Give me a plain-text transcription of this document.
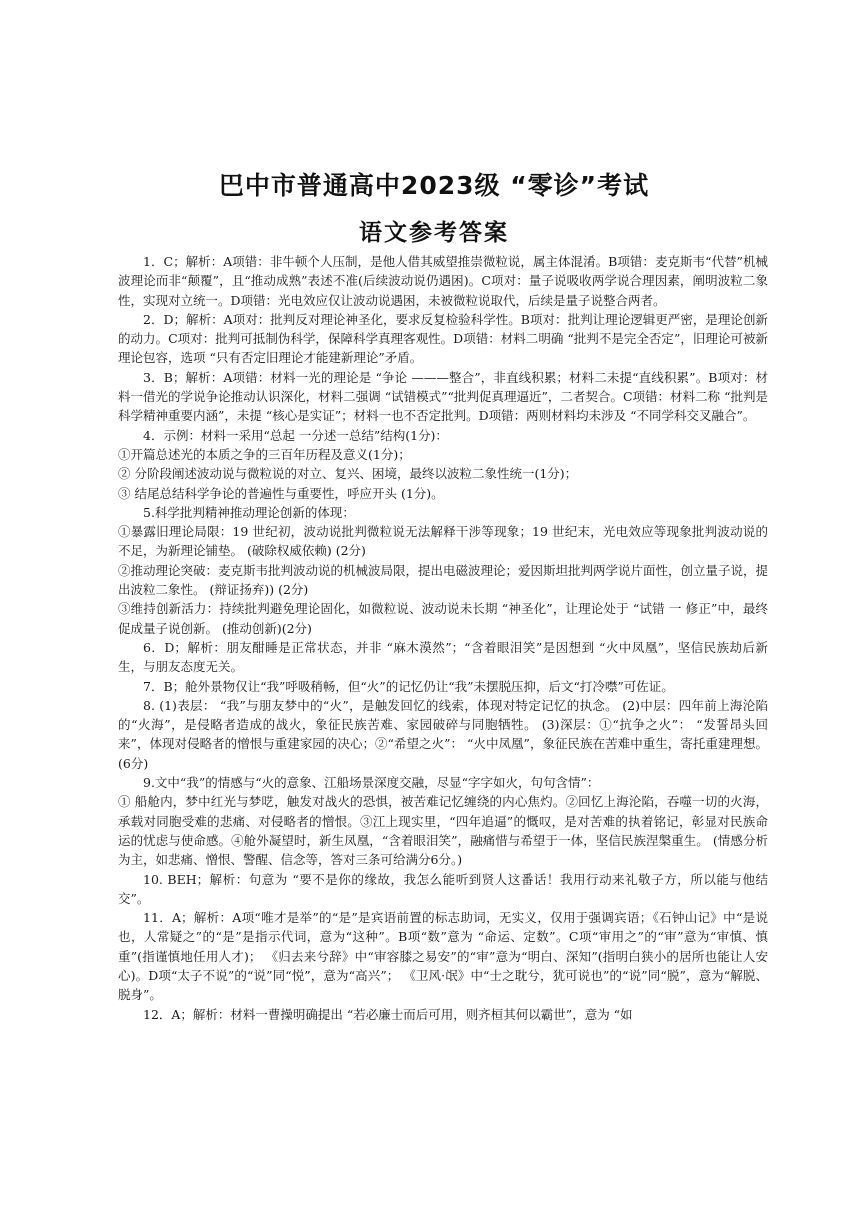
巴中市普通高中2023级 “零诊”考试
语文参考答案

1．C；解析：A项错：非牛顿个人压制，是他人借其威望推崇微粒说，属主体混淆。B项错：麦克斯韦“代替”机械波理论而非“颠覆”，且“推动成熟”表述不准(后续波动说仍遇困)。C项对：量子说吸收两学说合理因素，阐明波粒二象性，实现对立统一。D项错：光电效应仅让波动说遇困，未被微粒说取代，后续是量子说整合两者。

2．D；解析：A项对：批判反对理论神圣化，要求反复检验科学性。B项对：批判让理论逻辑更严密，是理论创新的动力。C项对：批判可抵制伪科学，保障科学真理客观性。D项错：材料二明确 “批判不是完全否定”，旧理论可被新理论包容，选项 “只有否定旧理论才能建新理论”矛盾。

3．B；解析：A项错：材料一光的理论是 “争论 ———整合”，非直线积累；材料二未提“直线积累”。B项对：材料一借光的学说争论推动认识深化，材料二强调 “试错模式”“批判促真理逼近”，二者契合。C项错：材料二称 “批判是科学精神重要内涵”，未提 “核心是实证”；材料一也不否定批判。D项错：两则材料均未涉及 “不同学科交叉融合”。

4．示例：材料一采用“总起 一分述一总结”结构(1分)：

①开篇总述光的本质之争的三百年历程及意义(1分)；

② 分阶段阐述波动说与微粒说的对立、复兴、困境，最终以波粒二象性统一(1分)；

③ 结尾总结科学争论的普遍性与重要性，呼应开头 (1分)。

5.科学批判精神推动理论创新的体现：

①暴露旧理论局限：19 世纪初，波动说批判微粒说无法解释干涉等现象；19 世纪末，光电效应等现象批判波动说的不足，为新理论铺垫。 (破除权威依赖) (2分)

②推动理论突破：麦克斯韦批判波动说的机械波局限，提出电磁波理论；爱因斯坦批判两学说片面性，创立量子说，提出波粒二象性。 (辩证扬弃)) (2分)

③维持创新活力：持续批判避免理论固化，如微粒说、波动说未长期 “神圣化”，让理论处于 “试错 一 修正”中，最终促成量子说创新。 (推动创新)(2分)

6．D；解析：朋友酣睡是正常状态，并非 “麻木漠然”；“含着眼泪笑”是因想到 “火中凤凰”，坚信民族劫后新生，与朋友态度无关。

7．B；舱外景物仅让“我”呼吸稍畅，但“火”的记忆仍让“我”未摆脱压抑，后文“打冷噤”可佐证。

8. (1)表层： “我”与朋友梦中的“火”，是触发回忆的线索，体现对特定记忆的执念。 (2)中层：四年前上海沦陷的“火海”，是侵略者造成的战火，象征民族苦难、家园破碎与同胞牺牲。 (3)深层：①“抗争之火”： “发誓昂头回来”，体现对侵略者的憎恨与重建家园的决心；②“希望之火”： “火中凤凰”，象征民族在苦难中重生，寄托重建理想。 (6分)

9.文中“我”的情感与“火的意象、江船场景深度交融，尽显“字字如火，句句含情”：

① 船舱内，梦中红光与梦呓，触发对战火的恐惧，被苦难记忆缠绕的内心焦灼。②回忆上海沦陷，吞噬一切的火海，承载对同胞受难的悲痛、对侵略者的憎恨。③江上现实里，“四年追逼”的慨叹，是对苦难的执着铭记，彰显对民族命运的忧虑与使命感。④舱外凝望时，新生凤凰，“含着眼泪笑”，融痛惜与希望于一体，坚信民族涅槃重生。 (情感分析为主，如悲痛、憎恨、警醒、信念等，答对三条可给满分6分。)

10. BEH；解析：句意为 “要不是你的缘故，我怎么能听到贤人这番话！我用行动来礼敬子方，所以能与他结交”。

11．A；解析：A项“唯才是举”的“是”是宾语前置的标志助词，无实义，仅用于强调宾语；《石钟山记》中“是说也，人常疑之”的“是”是指示代词，意为“这种”。B项“数”意为 “命运、定数”。C项“审用之”的“审”意为“审慎、慎重”(指谨慎地任用人才)； 《归去来兮辞》中“审容膝之易安”的“审”意为“明白、深知”(指明白狭小的居所也能让人安心)。D项“太子不说”的“说”同“悦”，意为“高兴”； 《卫风·氓》中“士之耽兮，犹可说也”的“说”同“脱”，意为“解脱、脱身”。

12．A；解析：材料一曹操明确提出 “若必廉士而后可用，则齐桓其何以霸世”，意为 “如
